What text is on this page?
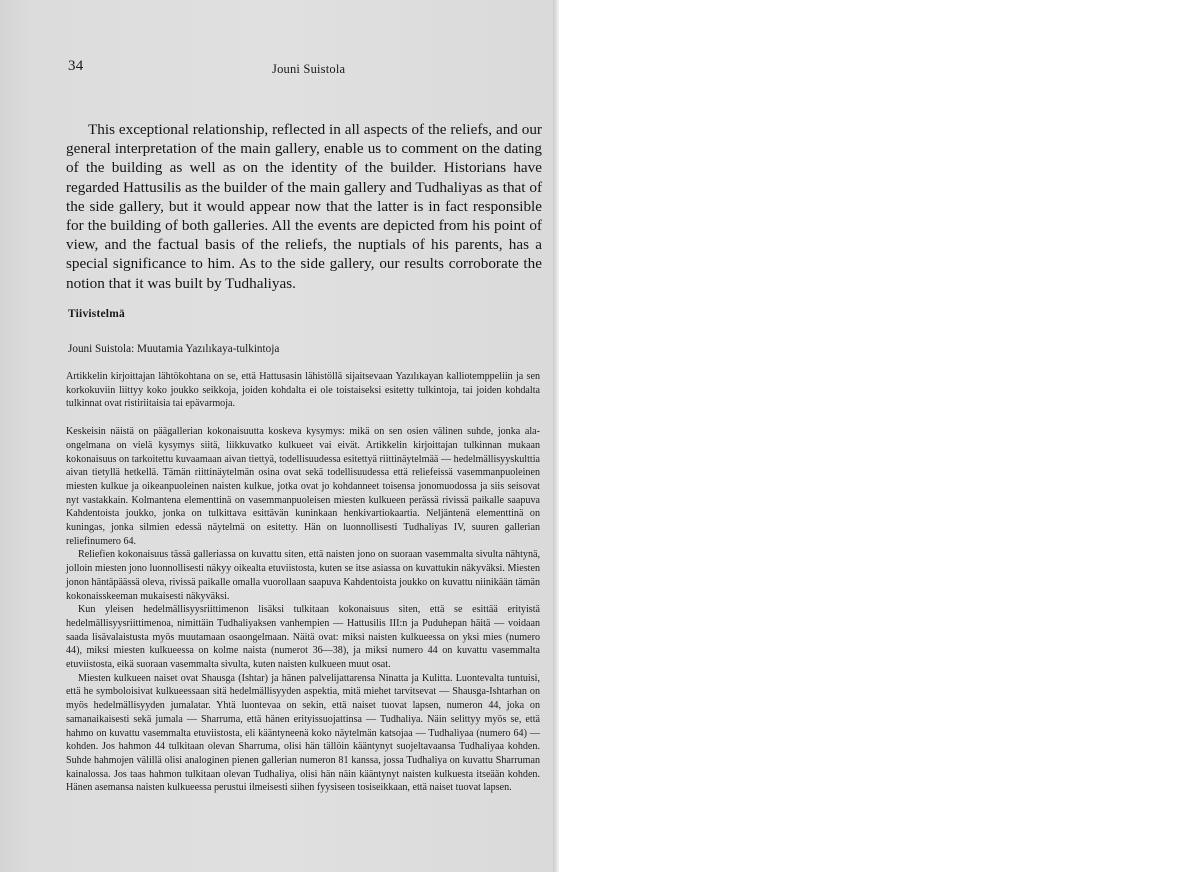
34	Jouni Suistola

This exceptional relationship, reflected in all aspects of the reliefs, and our general interpretation of the main gallery, enable us to comment on the dating of the building as well as on the identity of the builder. Historians have regarded Hattusilis as the builder of the main gallery and Tudhaliyas as that of the side gallery, but it would appear now that the latter is in fact responsible for the building of both galleries. All the events are depicted from his point of view, and the factual basis of the reliefs, the nuptials of his parents, has a special significance to him. As to the side gallery, our results corroborate the notion that it was built by Tudhaliyas.

Tiivistelmä
Jouni Suistola: Muutamia Yazılıkaya-tulkintoja

Artikkelin kirjoittajan lähtökohtana on se, että Hattusasin lähistöllä sijaitsevaan Yazılıkayan kalliotemppeliin ja sen korkokuviin liittyy koko joukko seikkoja, joiden kohdalta ei ole toistaiseksi esitetty tulkintoja, tai joiden kohdalta tulkinnat ovat ristiriitaisia tai epävarmoja.

Keskeisin näistä on päägallerian kokonaisuutta koskeva kysymys: mikä on sen osien välinen suhde, jonka ala-ongelmana on vielä kysymys siitä, liikkuvatko kulkueet vai eivät. Artikkelin kirjoittajan tulkinnan mukaan kokonaisuus on tarkoitettu kuvaamaan aivan tiettyä, todellisuudessa esitettyä riittinäytelmää — hedelmällisyyskulttia aivan tietyllä hetkellä. Tämän riittinäytelmän osina ovat sekä todellisuudessa että reliefeissä vasemmanpuoleinen miesten kulkue ja oikeanpuoleinen naisten kulkue, jotka ovat jo kohdanneet toisensa jonomuodossa ja siis seisovat nyt vastakkain. Kolmantena elementtinä on vasemmanpuoleisen miesten kulkueen perässä rivissä paikalle saapuva Kahdentoista joukko, jonka on tulkittava esittävän kuninkaan henkivartiokaartia. Neljäntenä elementtinä on kuningas, jonka silmien edessä näytelmä on esitetty. Hän on luonnollisesti Tudhaliyas IV, suuren gallerian reliefinumero 64.

Reliefien kokonaisuus tässä galleriassa on kuvattu siten, että naisten jono on suoraan vasemmalta sivulta nähtynä, jolloin miesten jono luonnollisesti näkyy oikealta etuviistosta, kuten se itse asiassa on kuvattukin näkyväksi. Miesten jonon häntäpäässä oleva, rivissä paikalle omalla vuorollaan saapuva Kahdentoista joukko on kuvattu niinikään tämän kokonaisskeeman mukaisesti näkyväksi.

Kun yleisen hedelmällisyysriittimenon lisäksi tulkitaan kokonaisuus siten, että se esittää erityistä hedelmällisyysriittimenoa, nimittäin Tudhaliyaksen vanhempien — Hattusilis III:n ja Puduhepan häitä — voidaan saada lisävalaistusta myös muutamaan osaongelmaan. Näitä ovat: miksi naisten kulkueessa on yksi mies (numero 44), miksi miesten kulkueessa on kolme naista (numerot 36—38), ja miksi numero 44 on kuvattu vasemmalta etuviistosta, eikä suoraan vasemmalta sivulta, kuten naisten kulkueen muut osat.

Miesten kulkueen naiset ovat Shausga (Ishtar) ja hänen palvelijattarensa Ninatta ja Kulitta. Luontevalta tuntuisi, että he symboloisivat kulkueessaan sitä hedelmällisyyden aspektia, mitä miehet tarvitsevat — Shausga-Ishtarhan on myös hedelmällisyyden jumalatar. Yhtä luontevaa on sekin, että naiset tuovat lapsen, numeron 44, joka on samanaikaisesti sekä jumala — Sharruma, että hänen erityissuojattinsa — Tudhaliya. Näin selittyy myös se, että hahmo on kuvattu vasemmalta etuviistosta, eli kääntyneenä koko näytelmän katsojaa — Tudhaliyaa (numero 64) — kohden. Jos hahmon 44 tulkitaan olevan Sharruma, olisi hän tällöin kääntynyt suojeltavaansa Tudhaliyaa kohden. Suhde hahmojen välillä olisi analoginen pienen gallerian numeron 81 kanssa, jossa Tudhaliya on kuvattu Sharruman kainalossa. Jos taas hahmon tulkitaan olevan Tudhaliya, olisi hän näin kääntynyt naisten kulkuesta itseään kohden. Hänen asemansa naisten kulkueessa perustui ilmeisesti siihen fyysiseen tosiseikkaan, että naiset tuovat lapsen.
